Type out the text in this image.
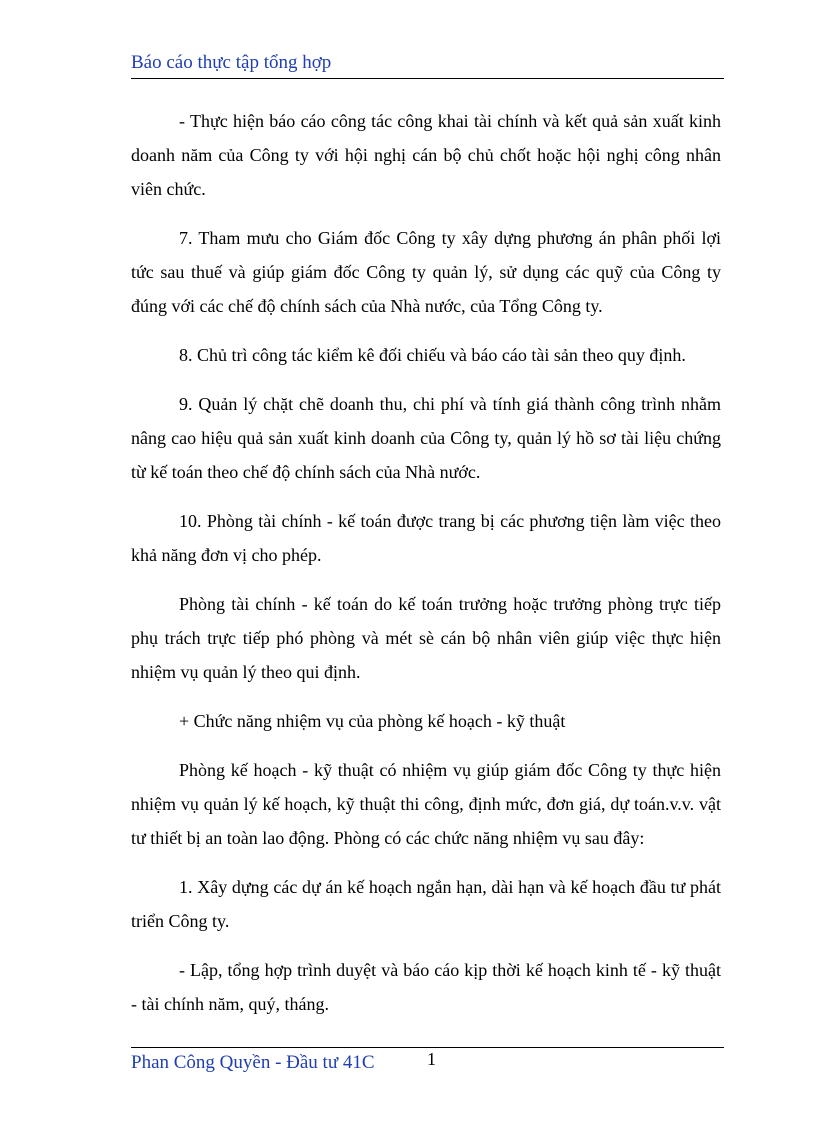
Báo cáo thực tập tổng hợp

- Thực hiện báo cáo công tác công khai tài chính và kết quả sản xuất kinh doanh năm của Công ty với hội nghị cán bộ chủ chốt hoặc hội nghị công nhân viên chức.

7. Tham mưu cho Giám đốc Công ty xây dựng phương án phân phối lợi tức sau thuế và giúp giám đốc Công ty quản lý, sử dụng các quỹ của Công ty đúng với các chế độ chính sách của Nhà nước, của Tổng Công ty.

8. Chủ trì công tác kiểm kê đối chiếu và báo cáo tài sản theo quy định.

9. Quản lý chặt chẽ doanh thu, chi phí và tính giá thành công trình nhằm nâng cao hiệu quả sản xuất kinh doanh của Công ty, quản lý hồ sơ tài liệu chứng từ kế toán theo chế độ chính sách của Nhà nước.

10. Phòng tài chính - kế toán được trang bị các phương tiện làm việc theo khả năng đơn vị cho phép.

Phòng tài chính - kế toán do kế toán trưởng hoặc trưởng phòng trực tiếp phụ trách trực tiếp phó phòng và mét sè cán bộ nhân viên giúp việc thực hiện nhiệm vụ quản lý theo qui định.

+ Chức năng nhiệm vụ của phòng kế hoạch - kỹ thuật

Phòng kế hoạch - kỹ thuật có nhiệm vụ giúp giám đốc Công ty thực hiện nhiệm vụ quản lý kế hoạch, kỹ thuật thi công, định mức, đơn giá, dự toán.v.v. vật tư thiết bị an toàn lao động. Phòng có các chức năng nhiệm vụ sau đây:

1. Xây dựng các dự án kế hoạch ngắn hạn, dài hạn và kế hoạch đầu tư phát triển Công ty.

- Lập, tổng hợp trình duyệt và báo cáo kịp thời kế hoạch kinh tế - kỹ thuật - tài chính năm, quý, tháng.

Phan Công Quyền - Đầu tư 41C	1
